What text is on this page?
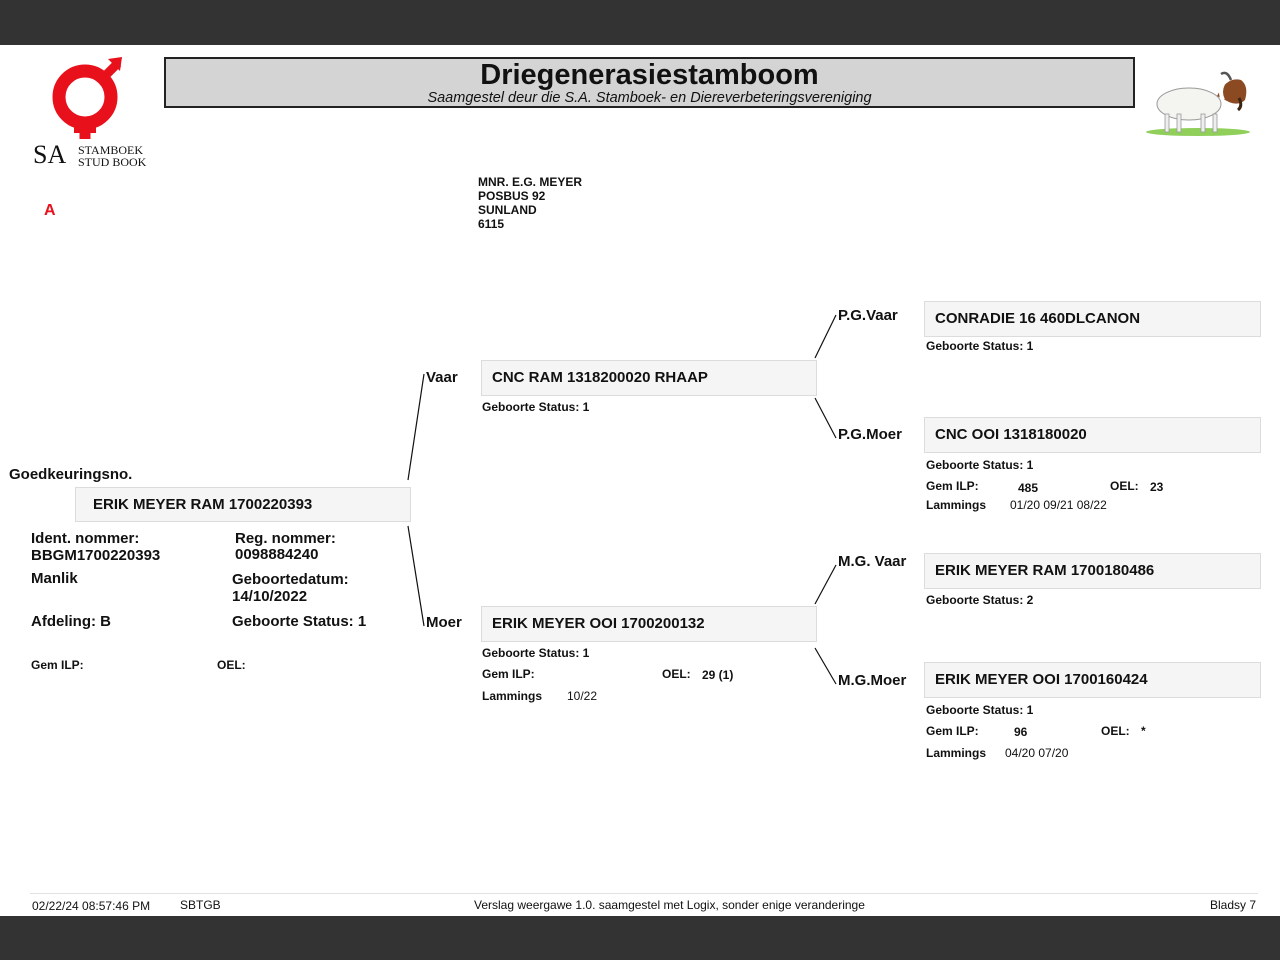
SA STAMBOEK
STUD BOOK
Driegenerasiestamboom
Saamgestel deur die S.A. Stamboek- en Diereverbeteringsvereniging
A
MNR. E.G. MEYER
POSBUS 92
SUNLAND
6115
Goedkeuringsno.
ERIK MEYER RAM 1700220393
Ident. nommer:
BBGM1700220393
Reg. nommer:
0098884240
Manlik	Geboortedatum:
14/10/2022
Afdeling: B	Geboorte Status: 1
Gem ILP:	OEL:
Vaar	CNC RAM 1318200020 RHAAP
Geboorte Status: 1
Moer	ERIK MEYER OOI 1700200132
Geboorte Status: 1
Gem ILP:	OEL: 29 (1)
Lammings 10/22
P.G.Vaar	CONRADIE 16 460DLCANON
Geboorte Status: 1
P.G.Moer	CNC OOI 1318180020
Geboorte Status: 1
Gem ILP:	485	OEL: 23
Lammings 01/20 09/21 08/22
M.G. Vaar
ERIK MEYER RAM 1700180486
Geboorte Status: 2
M.G.Moer	ERIK MEYER OOI 1700160424
Geboorte Status: 1
Gem ILP:	96	OEL: *
Lammings 04/20 07/20
02/22/24 08:57:46 PM SBTGB	Verslag weergawe 1.0. saamgestel met Logix, sonder enige veranderinge	Bladsy 7
